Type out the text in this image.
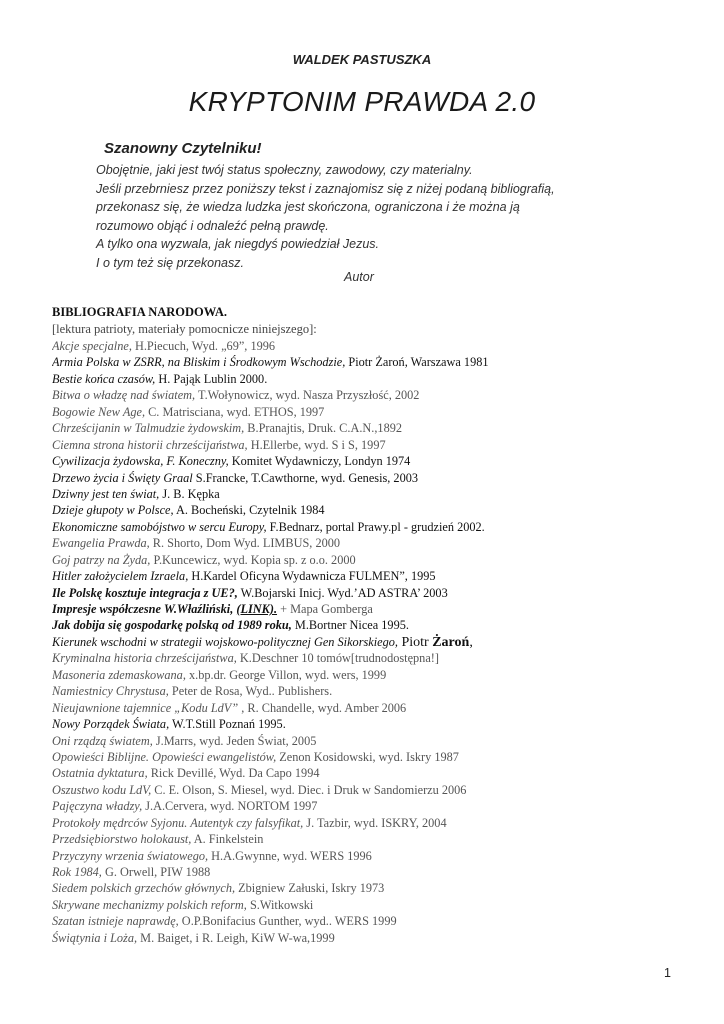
WALDEK PASTUSZKA
KRYPTONIM PRAWDA 2.0
Szanowny Czytelniku!
Obojętnie, jaki jest twój status społeczny, zawodowy, czy materialny.
Jeśli przebrniesz przez poniższy tekst i zaznajomisz się z niżej podaną bibliografią,
przekonasz się, że wiedza ludzka jest skończona, ograniczona i że można ją
rozumowo objąć i odnaleźć pełną prawdę.
A tylko ona wyzwala, jak niegdyś powiedział Jezus.
I o tym też się przekonasz.
Autor
BIBLIOGRAFIA NARODOWA.
[lektura patrioty, materiały pomocnicze niniejszego]:
Akcje specjalne, H.Piecuch, Wyd. „69”, 1996
Armia Polska w ZSRR, na Bliskim i Środkowym Wschodzie, Piotr Żaroń, Warszawa 1981
Bestie końca czasów, H. Pająk Lublin 2000.
Bitwa o władzę nad światem, T.Wołynowicz, wyd. Nasza Przyszłość, 2002
Bogowie New Age, C. Matrisciana, wyd. ETHOS, 1997
Chrześcijanin w Talmudzie żydowskim, B.Pranajtis, Druk. C.A.N.,1892
Ciemna strona historii chrześcijaństwa, H.Ellerbe, wyd. S i S, 1997
Cywilizacja żydowska, F. Koneczny, Komitet Wydawniczy, Londyn 1974
Drzewo życia i Święty Graal S.Francke, T.Cawthorne, wyd. Genesis, 2003
Dziwny jest ten świat, J. B. Kępka
Dzieje głupoty w Polsce, A. Bocheński, Czytelnik 1984
Ekonomiczne samobójstwo w sercu Europy, F.Bednarz, portal Prawy.pl - grudzień 2002.
Ewangelia Prawda, R. Shorto, Dom Wyd. LIMBUS, 2000
Goj patrzy na Żyda, P.Kuncewicz, wyd. Kopia sp. z o.o. 2000
Hitler założycielem Izraela, H.Kardel Oficyna Wydawnicza FULMEN”, 1995
Ile Polskę kosztuje integracja z UE?, W.Bojarski Inicj. Wyd.’AD ASTRA’ 2003
Impresje współczesne W.Właźliński, (LINK). + Mapa Gomberga
Jak dobija się gospodarkę polską od 1989 roku, M.Bortner Nicea 1995.
Kierunek wschodni w strategii wojskowo-politycznej Gen Sikorskiego, Piotr Żaroń,
Kryminalna historia chrześcijaństwa, K.Deschner 10 tomów[trudnodostępna!]
Masoneria zdemaskowana, x.bp.dr. George Villon, wyd. wers, 1999
Namiestnicy Chrystusa, Peter de Rosa, Wyd.. Publishers.
Nieujawnione tajemnice „Kodu LdV” , R. Chandelle, wyd. Amber 2006
Nowy Porządek Świata, W.T.Still Poznań 1995.
Oni rządzą światem, J.Marrs, wyd. Jeden Świat, 2005
Opowieści Biblijne. Opowieści ewangelistów, Zenon Kosidowski, wyd. Iskry 1987
Ostatnia dyktatura, Rick Devillé, Wyd. Da Capo 1994
Oszustwo kodu LdV, C. E. Olson, S. Miesel, wyd. Diec. i Druk w Sandomierzu 2006
Pajęczyna władzy, J.A.Cervera, wyd. NORTOM 1997
Protokoły mędrców Syjonu. Autentyk czy falsyfikat, J. Tazbir, wyd. ISKRY, 2004
Przedsiębiorstwo holokaust, A. Finkelstein
Przyczyny wrzenia światowego, H.A.Gwynne, wyd. WERS 1996
Rok 1984, G. Orwell, PIW 1988
Siedem polskich grzechów głównych, Zbigniew Załuski, Iskry 1973
Skrywane mechanizmy polskich reform, S.Witkowski
Szatan istnieje naprawdę, O.P.Bonifacius Gunther, wyd.. WERS 1999
Świątynia i Loża, M. Baiget, i R. Leigh, KiW W-wa,1999
1
